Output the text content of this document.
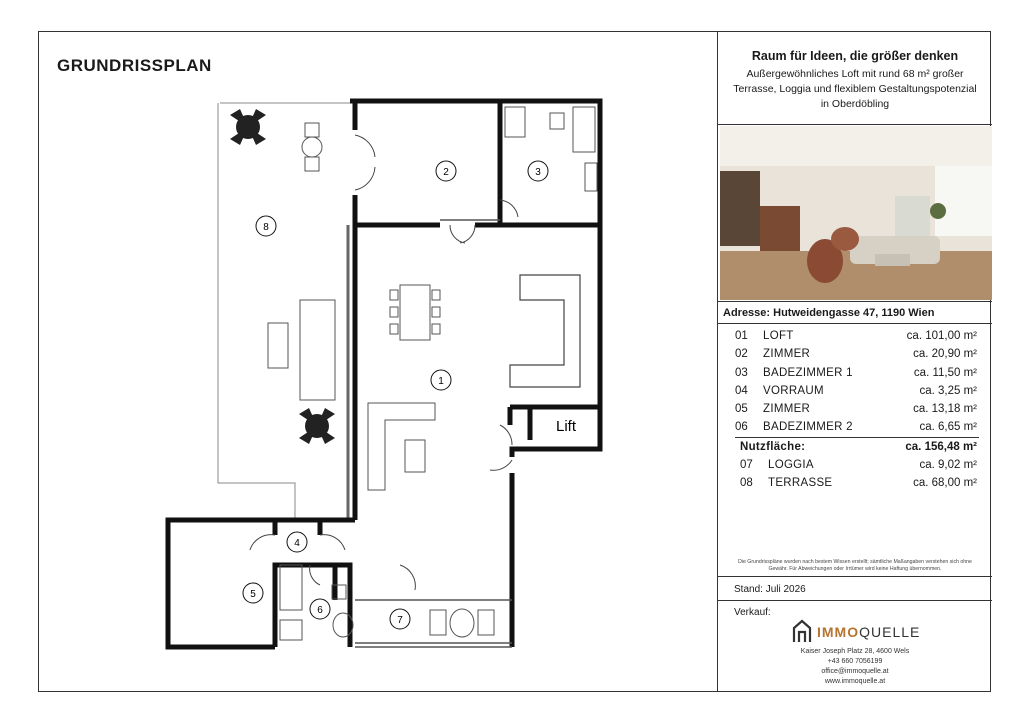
GRUNDRISSPLAN
8
2	3
1
4
5
6
7
Lift
Raum für Ideen, die größer denken
Außergewöhnliches Loft mit rund 68 m² großer Terrasse, Loggia und flexiblem Gestaltungspotenzial in Oberdöbling
Adresse: Hutweidengasse 47, 1190 Wien
01 LOFT	ca. 101,00 m²
02 ZIMMER	ca. 20,90 m²
03 BADEZIMMER 1	ca. 11,50 m²
04 VORRAUM	ca. 3,25 m²
05 ZIMMER	ca. 13,18 m²
06 BADEZIMMER 2	ca. 6,65 m²
Nutzfläche:	ca. 156,48 m²
07 LOGGIA	ca. 9,02 m²
08 TERRASSE	ca. 68,00 m²
Die Grundrisspläne wurden nach bestem Wissen erstellt; sämtliche Maßangaben verstehen sich ohne Gewähr. Für Abweichungen oder Irrtümer wird keine Haftung übernommen.
Stand: Juli 2026
Verkauf:
IMMOQUELLE
Kaiser Joseph Platz 28, 4600 Wels
+43 660 7056199
office@immoquelle.at
www.immoquelle.at
